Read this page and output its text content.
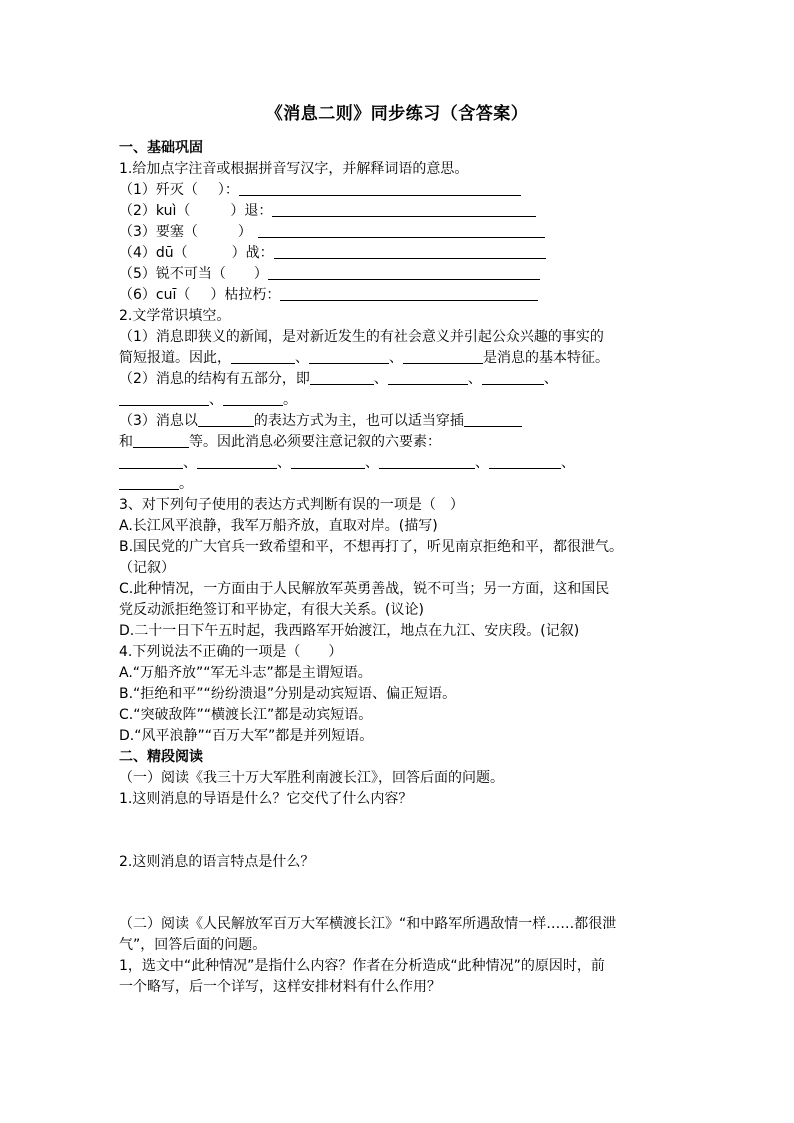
《消息二则》同步练习（含答案）
一、基础巩固
1.给加点字注音或根据拼音写汉字，并解释词语的意思。
（1）歼灭（ ）：
（2）kuì（	）退：
（3）要塞（	）
（4）dū（	）战：
（5）锐不可当（ ）
（6）cuī（ ）枯拉朽：
2.文学常识填空。
（1）消息即狭义的新闻，是对新近发生的有社会意义并引起公众兴趣的事实的
简短报道。因此，	、	、	是消息的基本特征。
（2）消息的结构有五部分，即	、	、	、
、	。
（3）消息以	的表达方式为主，也可以适当穿插
和	等。因此消息必须要注意记叙的六要素：
、	、	、	、	、
。
3、对下列句子使用的表达方式判断有误的一项是（　）
A.长江风平浪静，我军万船齐放，直取对岸。(描写)
B.国民党的广大官兵一致希望和平，不想再打了，听见南京拒绝和平，都很泄气。
（记叙）
C.此种情况，一方面由于人民解放军英勇善战，锐不可当；另一方面，这和国民
党反动派拒绝签订和平协定，有很大关系。(议论)
D.二十一日下午五时起，我西路军开始渡江，地点在九江、安庆段。(记叙)
4.下列说法不正确的一项是（　　）
A.“万船齐放”“军无斗志”都是主谓短语。
B.“拒绝和平”“纷纷溃退”分别是动宾短语、偏正短语。
C.“突破敌阵”“横渡长江”都是动宾短语。
D.“风平浪静”“百万大军”都是并列短语。
二、精段阅读
（一）阅读《我三十万大军胜利南渡长江》，回答后面的问题。
1.这则消息的导语是什么？它交代了什么内容？
2.这则消息的语言特点是什么？
（二）阅读《人民解放军百万大军横渡长江》“和中路军所遇敌情一样……都很泄
气”，回答后面的问题。
1，选文中“此种情况”是指什么内容？作者在分析造成“此种情况”的原因时，前
一个略写，后一个详写，这样安排材料有什么作用？
